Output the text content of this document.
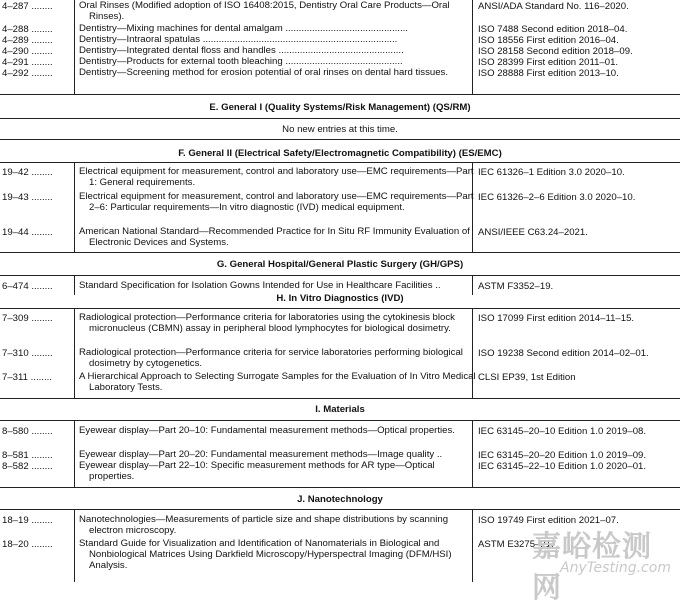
4–287 ........	Oral Rinses (Modified adoption of ISO 16408:2015, Dentistry Oral Care Products—Oral Rinses).
ANSI/ADA Standard No. 116–2020.
4–288 ........	Dentistry—Mixing machines for dental amalgam ..............................................	ISO 7488 Second edition 2018–04.
4–289 ........	Dentistry—Intraoral spatulas .........................................................................	ISO 18556 First edition 2016–04.
4–290 ........	Dentistry—Integrated dental floss and handles ...............................................	ISO 28158 Second edition 2018–09.
4–291 ........	Dentistry—Products for external tooth bleaching ............................................	ISO 28399 First edition 2011–01.
4–292 ........	Dentistry—Screening method for erosion potential of oral rinses on dental hard tissues.	ISO 28888 First edition 2013–10.
E. General I (Quality Systems/Risk Management) (QS/RM)
No new entries at this time.
F. General II (Electrical Safety/Electromagnetic Compatibility) (ES/EMC)
19–42 ........	Electrical equipment for measurement, control and laboratory use—EMC requirements—Part 1: General requirements.
IEC 61326–1 Edition 3.0 2020–10.
19–43 ........	Electrical equipment for measurement, control and laboratory use—EMC requirements—Part 2–6: Particular requirements—In vitro diagnostic (IVD) medical equipment.
IEC 61326–2–6 Edition 3.0 2020–10.
19–44 ........	American National Standard—Recommended Practice for In Situ RF Immunity Evaluation of Electronic Devices and Systems.
ANSI/IEEE C63.24–2021.
G. General Hospital/General Plastic Surgery (GH/GPS)
6–474 ........	Standard Specification for Isolation Gowns Intended for Use in Healthcare Facilities ..	ASTM F3352–19.
H. In Vitro Diagnostics (IVD)
7–309 ........	Radiological protection—Performance criteria for laboratories using the cytokinesis block micronucleus (CBMN) assay in peripheral blood lymphocytes for biological dosimetry.
ISO 17099 First edition 2014–11–15.
7–310 ........	Radiological protection—Performance criteria for service laboratories performing biological dosimetry by cytogenetics.
ISO 19238 Second edition 2014–02–01.
7–311 ........	A Hierarchical Approach to Selecting Surrogate Samples for the Evaluation of In Vitro Medical Laboratory Tests.
CLSI EP39, 1st Edition
I. Materials
8–580 ........	Eyewear display—Part 20–10: Fundamental measurement methods—Optical properties.	IEC 63145–20–10 Edition 1.0 2019–08.
8–581 ........	Eyewear display—Part 20–20: Fundamental measurement methods—Image quality ..	IEC 63145–20–20 Edition 1.0 2019–09.
8–582 ........	Eyewear display—Part 22–10: Specific measurement methods for AR type—Optical properties.
IEC 63145–22–10 Edition 1.0 2020–01.
J. Nanotechnology
18–19 ........	Nanotechnologies—Measurements of particle size and shape distributions by scanning electron microscopy.
ISO 19749 First edition 2021–07.
18–20 ........	Standard Guide for Visualization and Identification of Nanomaterials in Biological and Nonbiological Matrices Using Darkfield Microscopy/Hyperspectral Imaging (DFM/HSI) Analysis.
ASTM E3275–21.
嘉峪检测网
AnyTesting.com
